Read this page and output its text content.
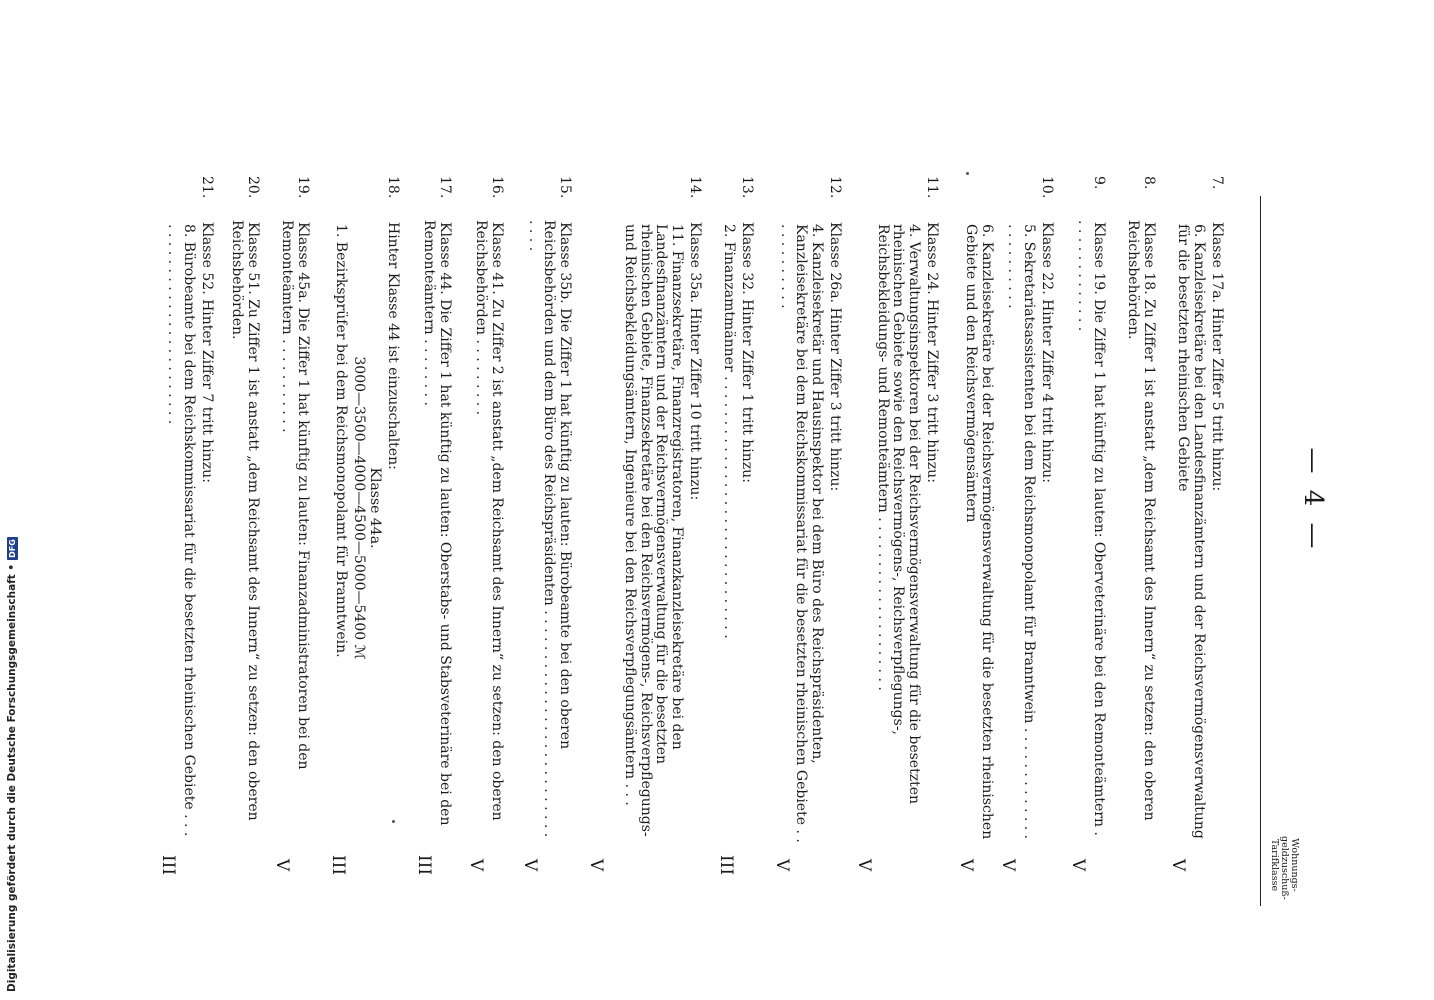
— 4 —
Wohnungs-
geldzuschuß-
Tarifklasse
7.Klasse 17a. Hinter Ziffer 5 tritt hinzu:
6. Kanzleisekretäre bei den Landesfinanzämtern und der Reichsvermögensverwaltung für die besetzten rheinischen Gebiete
V
8.Klasse 18. Zu Ziffer 1 ist anstatt „dem Reichsamt des Innern“ zu setzen: den oberen Reichsbehörden.
9.Klasse 19. Die Ziffer 1 hat künftig zu lauten: Oberveterinäre bei den Remonteämtern . . . . . . . . . . . . . .
V
10.Klasse 22. Hinter Ziffer 4 tritt hinzu:
5. Sekretariatsassistenten bei dem Reichsmonopolamt für Branntwein . . . . . . . . . . . . . . . . . . . . . . .
V
6. Kanzleisekretäre bei der Reichsvermögensverwaltung für die besetzten rheinischen Gebiete und den Reichsvermögensämtern
V
11.Klasse 24. Hinter Ziffer 3 tritt hinzu:
4. Verwaltungsinspektoren bei der Reichsvermögensverwaltung für die besetzten rheinischen Gebiete sowie den Reichsvermögens-, Reichsverpflegungs-, Reichsbekleidungs- und Remonteämtern . . . . . . . . . . . . . . . . . . . .
V
12.Klasse 26a. Hinter Ziffer 3 tritt hinzu:
4. Kanzleisekretär und Hausinspektor bei dem Büro des Reichspräsidenten, Kanzleisekretäre bei dem Reichskommissariat für die besetzten rheinischen Gebiete . . . . . . . . . . . .
V
13.Klasse 32. Hinter Ziffer 1 tritt hinzu:
2. Finanzamtmänner . . . . . . . . . . . . . . . . . . . . . . . . . . . . . .
III
14.Klasse 35a. Hinter Ziffer 10 tritt hinzu:
11. Finanzsekretäre, Finanzregistratoren, Finanzkanzleisekretäre bei den Landesfinanzämtern und der Reichsvermögensverwaltung für die besetzten rheinischen Gebiete, Finanzsekretäre bei den Reichsvermögens-, Reichsverpflegungs- und Reichsbekleidungsämtern, Ingenieure bei den Reichsverpflegungsämtern . . .
V
15.Klasse 35b. Die Ziffer 1 hat künftig zu lauten: Bürobeamte bei den oberen Reichsbehörden und dem Büro des Reichspräsidenten . . . . . . . . . . . . . . . . . . . . . . . . . . . . . .
V
16.Klasse 41. Zu Ziffer 2 ist anstatt „dem Reichsamt des Innern“ zu setzen: den oberen Reichsbehörden . . . . . . . . .
V
17.Klasse 44. Die Ziffer 1 hat künftig zu lauten: Oberstabs- und Stabsveterinäre bei den Remonteämtern . . . . . . . .
III
18.Hinter Klasse 44 ist einzuschalten:
Klasse 44a.
3000—3500—4000—4500—5000—5400 ℳ
1. Bezirksprüfer bei dem Reichsmonopolamt für Branntwein.
III
19.Klasse 45a. Die Ziffer 1 hat künftig zu lauten: Finanzadministratoren bei den Remonteämtern . . . . . . . . . . .
V
20.Klasse 51. Zu Ziffer 1 ist anstatt „dem Reichsamt des Innern“ zu setzen: den oberen Reichsbehörden.
21.Klasse 52. Hinter Ziffer 7 tritt hinzu:
8. Bürobeamte bei dem Reichskommissariat für die besetzten rheinischen Gebiete . . . . . . . . . . . . . . . . . . . . . . . . . .
III
Digitalisierung gefördert durch die Deutsche Forschungsgemeinschaft •
DFG
